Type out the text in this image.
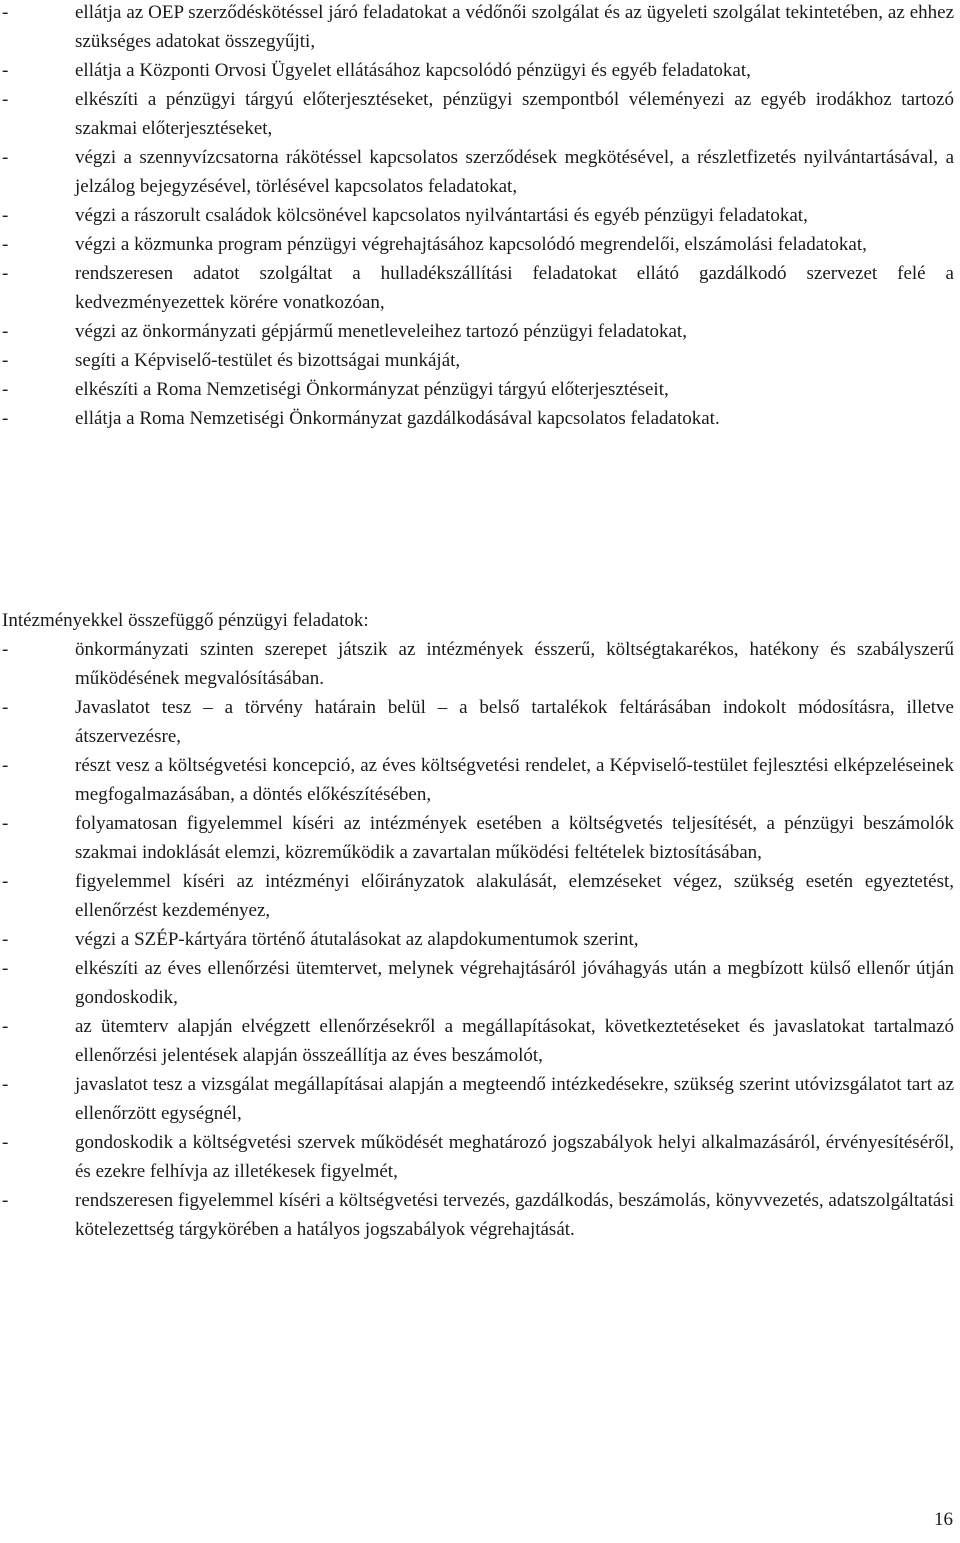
-	ellátja az OEP szerződéskötéssel járó feladatokat a védőnői szolgálat és az ügyeleti szolgálat tekintetében, az ehhez szükséges adatokat összegyűjti,
-	ellátja a Központi Orvosi Ügyelet ellátásához kapcsolódó pénzügyi és egyéb feladatokat,
-	elkészíti a pénzügyi tárgyú előterjesztéseket, pénzügyi szempontból véleményezi az egyéb irodákhoz tartozó szakmai előterjesztéseket,
-	végzi a szennyvízcsatorna rákötéssel kapcsolatos szerződések megkötésével, a részletfizetés nyilvántartásával, a jelzálog bejegyzésével, törlésével kapcsolatos feladatokat,
-	végzi a rászorult családok kölcsönével kapcsolatos nyilvántartási és egyéb pénzügyi feladatokat,
-	végzi a közmunka program pénzügyi végrehajtásához kapcsolódó megrendelői, elszámolási feladatokat,
-	rendszeresen adatot szolgáltat a hulladékszállítási feladatokat ellátó gazdálkodó szervezet felé a kedvezményezettek körére vonatkozóan,
-	végzi az önkormányzati gépjármű menetleveleihez tartozó pénzügyi feladatokat,
-	segíti a Képviselő-testület és bizottságai munkáját,
-	elkészíti a Roma Nemzetiségi Önkormányzat pénzügyi tárgyú előterjesztéseit,
-	ellátja a Roma Nemzetiségi Önkormányzat gazdálkodásával kapcsolatos feladatokat.

Intézményekkel összefüggő pénzügyi feladatok:

-	önkormányzati szinten szerepet játszik az intézmények ésszerű, költségtakarékos, hatékony és szabályszerű működésének megvalósításában.
-	Javaslatot tesz – a törvény határain belül – a belső tartalékok feltárásában indokolt módosításra, illetve átszervezésre,
-	részt vesz a költségvetési koncepció, az éves költségvetési rendelet, a Képviselő-testület fejlesztési elképzeléseinek megfogalmazásában, a döntés előkészítésében,
-	folyamatosan figyelemmel kíséri az intézmények esetében a költségvetés teljesítését, a pénzügyi beszámolók szakmai indoklását elemzi, közreműködik a zavartalan működési feltételek biztosításában,
-	figyelemmel kíséri az intézményi előirányzatok alakulását, elemzéseket végez, szükség esetén egyeztetést, ellenőrzést kezdeményez,
-	végzi a SZÉP-kártyára történő átutalásokat az alapdokumentumok szerint,
-	elkészíti az éves ellenőrzési ütemtervet, melynek végrehajtásáról jóváhagyás után a megbízott külső ellenőr útján gondoskodik,
-	az ütemterv alapján elvégzett ellenőrzésekről a megállapításokat, következtetéseket és javaslatokat tartalmazó ellenőrzési jelentések alapján összeállítja az éves beszámolót,
-	javaslatot tesz a vizsgálat megállapításai alapján a megteendő intézkedésekre, szükség szerint utóvizsgálatot tart az ellenőrzött egységnél,
-	gondoskodik a költségvetési szervek működését meghatározó jogszabályok helyi alkalmazásáról, érvényesítéséről, és ezekre felhívja az illetékesek figyelmét,
-	rendszeresen figyelemmel kíséri a költségvetési tervezés, gazdálkodás, beszámolás, könyvvezetés, adatszolgáltatási kötelezettség tárgykörében a hatályos jogszabályok végrehajtását.
16
